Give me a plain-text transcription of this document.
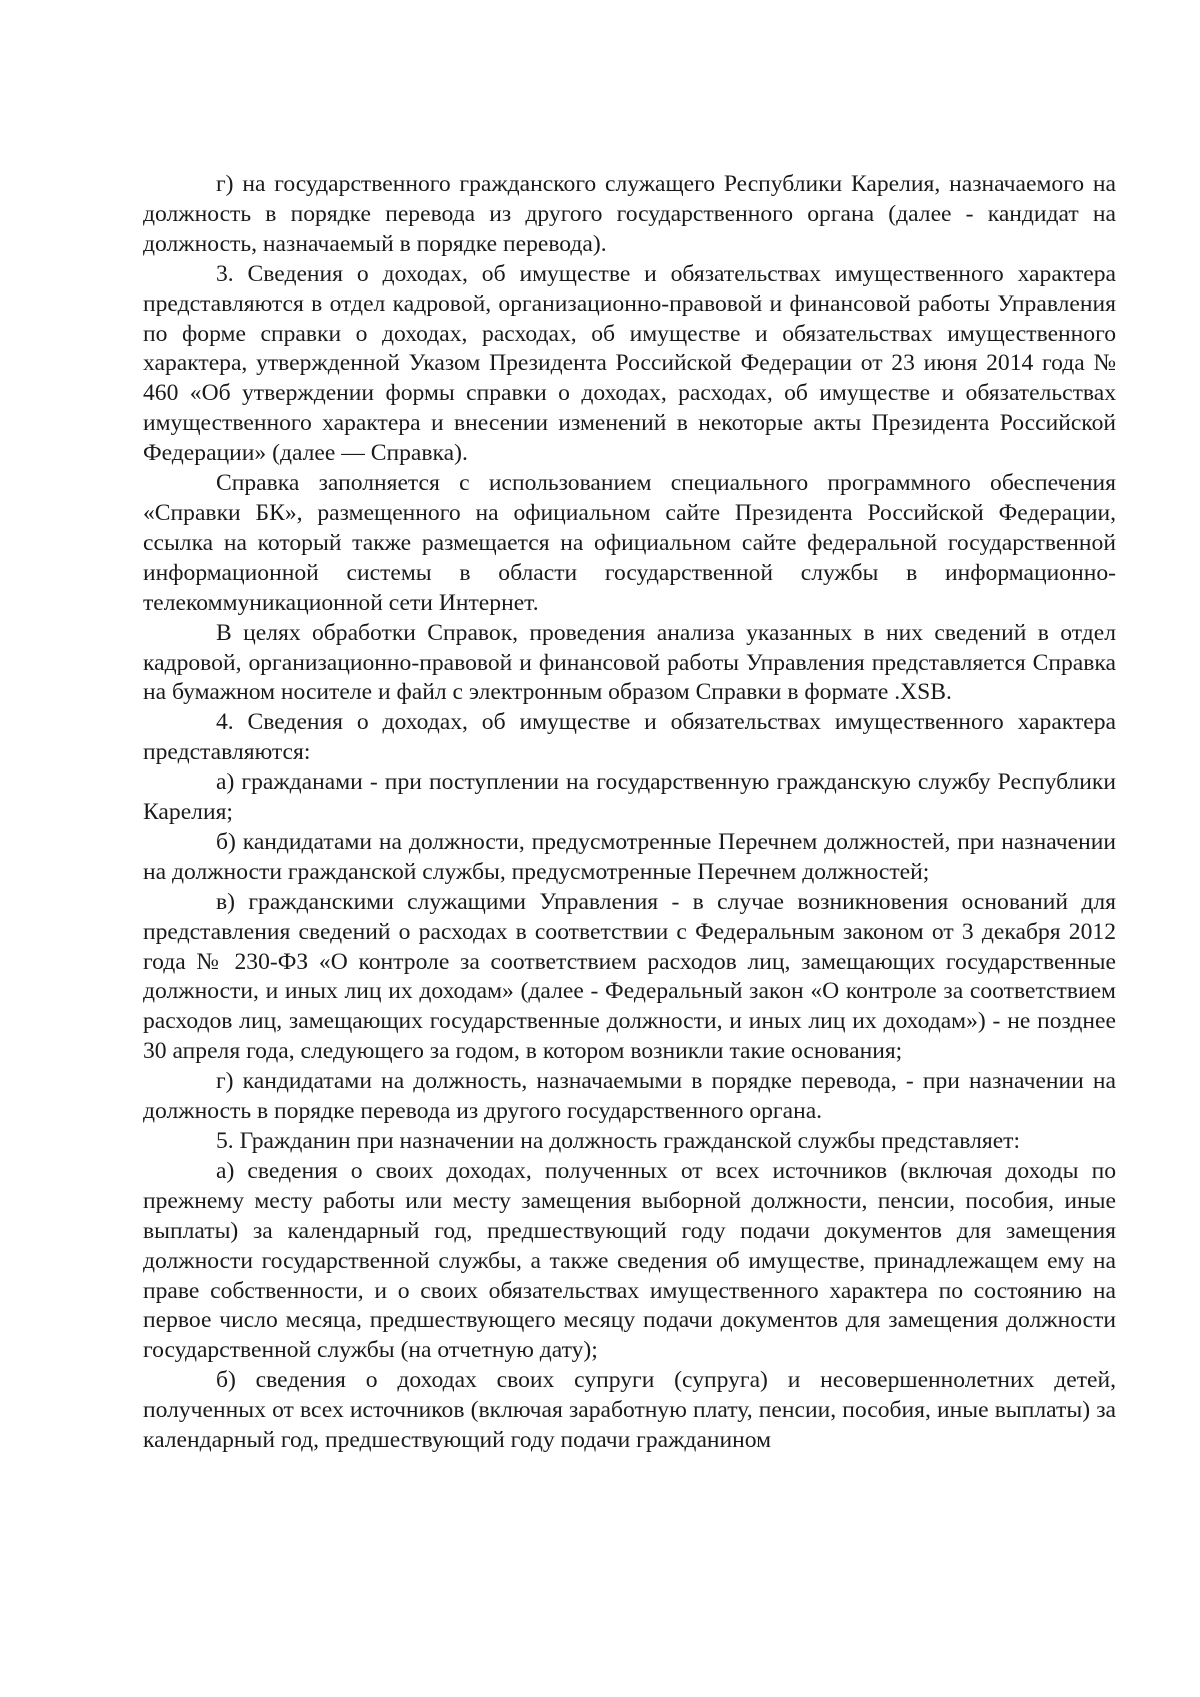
г) на государственного гражданского служащего Республики Карелия, назначаемого на должность в порядке перевода из другого государственного органа (далее - кандидат на должность, назначаемый в порядке перевода).

3. Сведения о доходах, об имуществе и обязательствах имущественного характера представляются в отдел кадровой, организационно-правовой и финансовой работы Управления по форме справки о доходах, расходах, об имуществе и обязательствах имущественного характера, утвержденной Указом Президента Российской Федерации от 23 июня 2014 года № 460 «Об утверждении формы справки о доходах, расходах, об имуществе и обязательствах имущественного характера и внесении изменений в некоторые акты Президента Российской Федерации» (далее — Справка).

Справка заполняется с использованием специального программного обеспечения «Справки БК», размещенного на официальном сайте Президента Российской Федерации, ссылка на который также размещается на официальном сайте федеральной государственной информационной системы в области государственной службы в информационно-телекоммуникационной сети Интернет.

В целях обработки Справок, проведения анализа указанных в них сведений в отдел кадровой, организационно-правовой и финансовой работы Управления представляется Справка на бумажном носителе и файл с электронным образом Справки в формате .XSB.

4. Сведения о доходах, об имуществе и обязательствах имущественного характера представляются:

а) гражданами - при поступлении на государственную гражданскую службу Республики Карелия;

б) кандидатами на должности, предусмотренные Перечнем должностей, при назначении на должности гражданской службы, предусмотренные Перечнем должностей;

в) гражданскими служащими Управления - в случае возникновения оснований для представления сведений о расходах в соответствии с Федеральным законом от 3 декабря 2012 года № 230-ФЗ «О контроле за соответствием расходов лиц, замещающих государственные должности, и иных лиц их доходам» (далее - Федеральный закон «О контроле за соответствием расходов лиц, замещающих государственные должности, и иных лиц их доходам») - не позднее 30 апреля года, следующего за годом, в котором возникли такие основания;

г) кандидатами на должность, назначаемыми в порядке перевода, - при назначении на должность в порядке перевода из другого государственного органа.

5. Гражданин при назначении на должность гражданской службы представляет:

а) сведения о своих доходах, полученных от всех источников (включая доходы по прежнему месту работы или месту замещения выборной должности, пенсии, пособия, иные выплаты) за календарный год, предшествующий году подачи документов для замещения должности государственной службы, а также сведения об имуществе, принадлежащем ему на праве собственности, и о своих обязательствах имущественного характера по состоянию на первое число месяца, предшествующего месяцу подачи документов для замещения должности государственной службы (на отчетную дату);

б) сведения о доходах своих супруги (супруга) и несовершеннолетних детей, полученных от всех источников (включая заработную плату, пенсии, пособия, иные выплаты) за календарный год, предшествующий году подачи гражданином
